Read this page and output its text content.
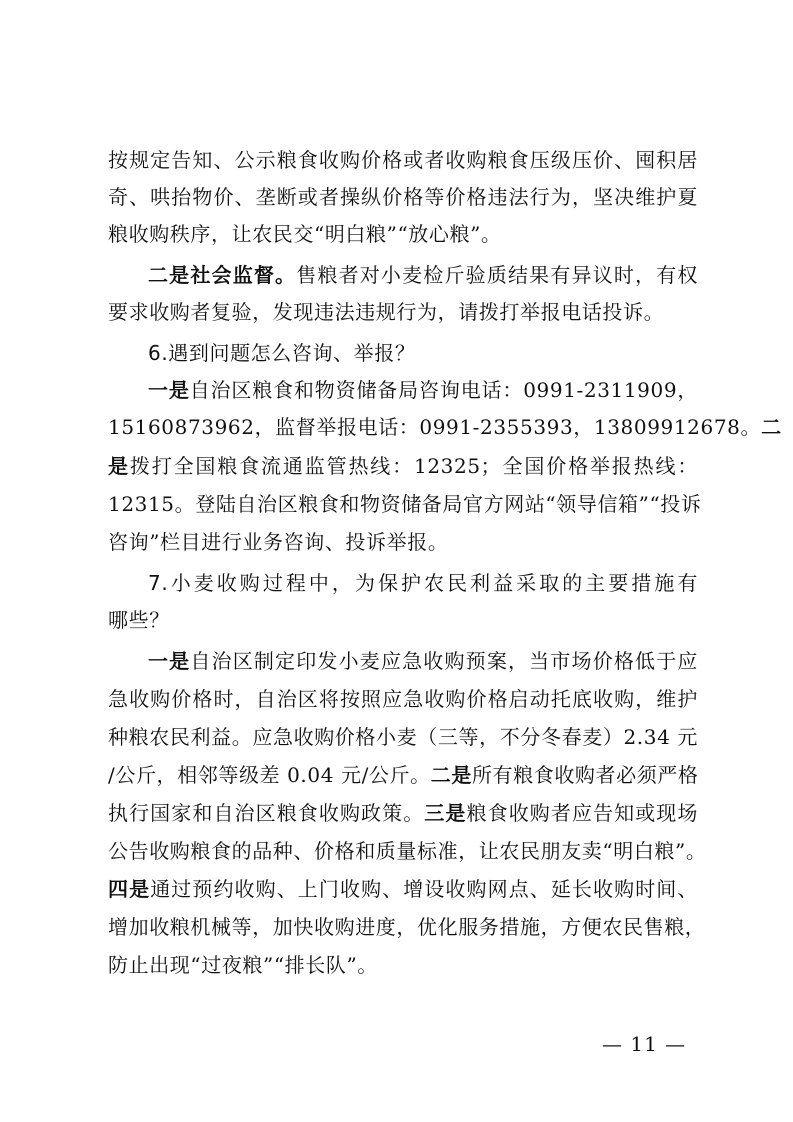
按规定告知、公示粮食收购价格或者收购粮食压级压价、囤积居
奇、哄抬物价、垄断或者操纵价格等价格违法行为，坚决维护夏
粮收购秩序，让农民交“明白粮”“放心粮”。
二是社会监督。售粮者对小麦检斤验质结果有异议时，有权
要求收购者复验，发现违法违规行为，请拨打举报电话投诉。
6.遇到问题怎么咨询、举报？
一是自治区粮食和物资储备局咨询电话：0991-2311909，
15160873962，监督举报电话：0991-2355393，13809912678。二
是拨打全国粮食流通监管热线：12325；全国价格举报热线：
12315。登陆自治区粮食和物资储备局官方网站“领导信箱”“投诉
咨询”栏目进行业务咨询、投诉举报。
7.小麦收购过程中，为保护农民利益采取的主要措施有
哪些？
一是自治区制定印发小麦应急收购预案，当市场价格低于应
急收购价格时，自治区将按照应急收购价格启动托底收购，维护
种粮农民利益。应急收购价格小麦（三等，不分冬春麦）2.34 元
/公斤，相邻等级差 0.04 元/公斤。二是所有粮食收购者必须严格
执行国家和自治区粮食收购政策。三是粮食收购者应告知或现场
公告收购粮食的品种、价格和质量标准，让农民朋友卖“明白粮”。
四是通过预约收购、上门收购、增设收购网点、延长收购时间、
增加收粮机械等，加快收购进度，优化服务措施，方便农民售粮，
防止出现“过夜粮”“排长队”。
— 11 —
